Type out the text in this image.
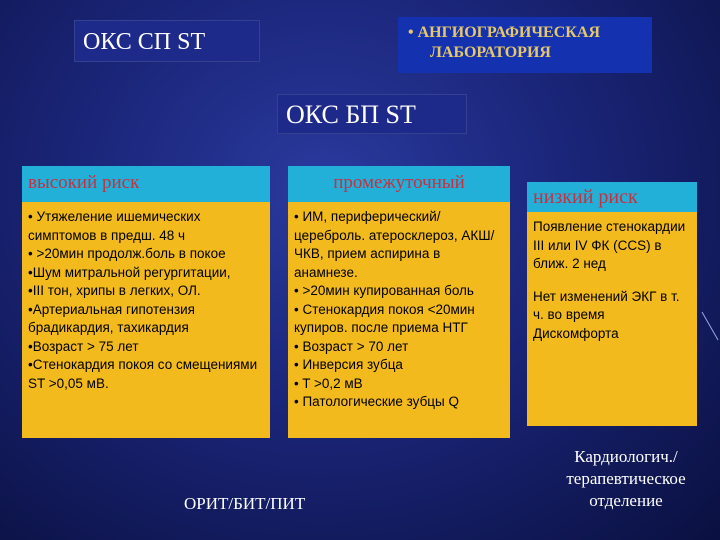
ОКС СП ST	• АНГИОГРАФИЧЕСКАЯ
ЛАБОРАТОРИЯ
ОКС БП ST
высокий риск

• Утяжеление ишемических симптомов в предш. 48 ч

• >20мин продолж.боль в покое

•Шум митральной регургитации,

•III тон, хрипы в легких, ОЛ.

•Артериальная гипотензия брадикардия, тахикардия

•Возраст > 75 лет

•Стенокардия покоя со смещениями ST >0,05 мВ.

промежуточный

• ИМ, периферический/ цереброль. атеросклероз, АКШ/ЧКВ, прием аспирина в анамнезе.

• >20мин купированная боль

• Стенокардия покоя <20мин купиров. после приема НТГ

• Возраст > 70 лет

• Инверсия зубца

• T >0,2 мВ

• Патологические зубцы Q

низкий риск

Появление стенокардии III или IV ФК (CCS) в ближ. 2 нед

Нет изменений ЭКГ в т. ч. во время Дискомфорта

ОРИТ/БИТ/ПИТ
Кардиологич./
терапевтическое
отделение
